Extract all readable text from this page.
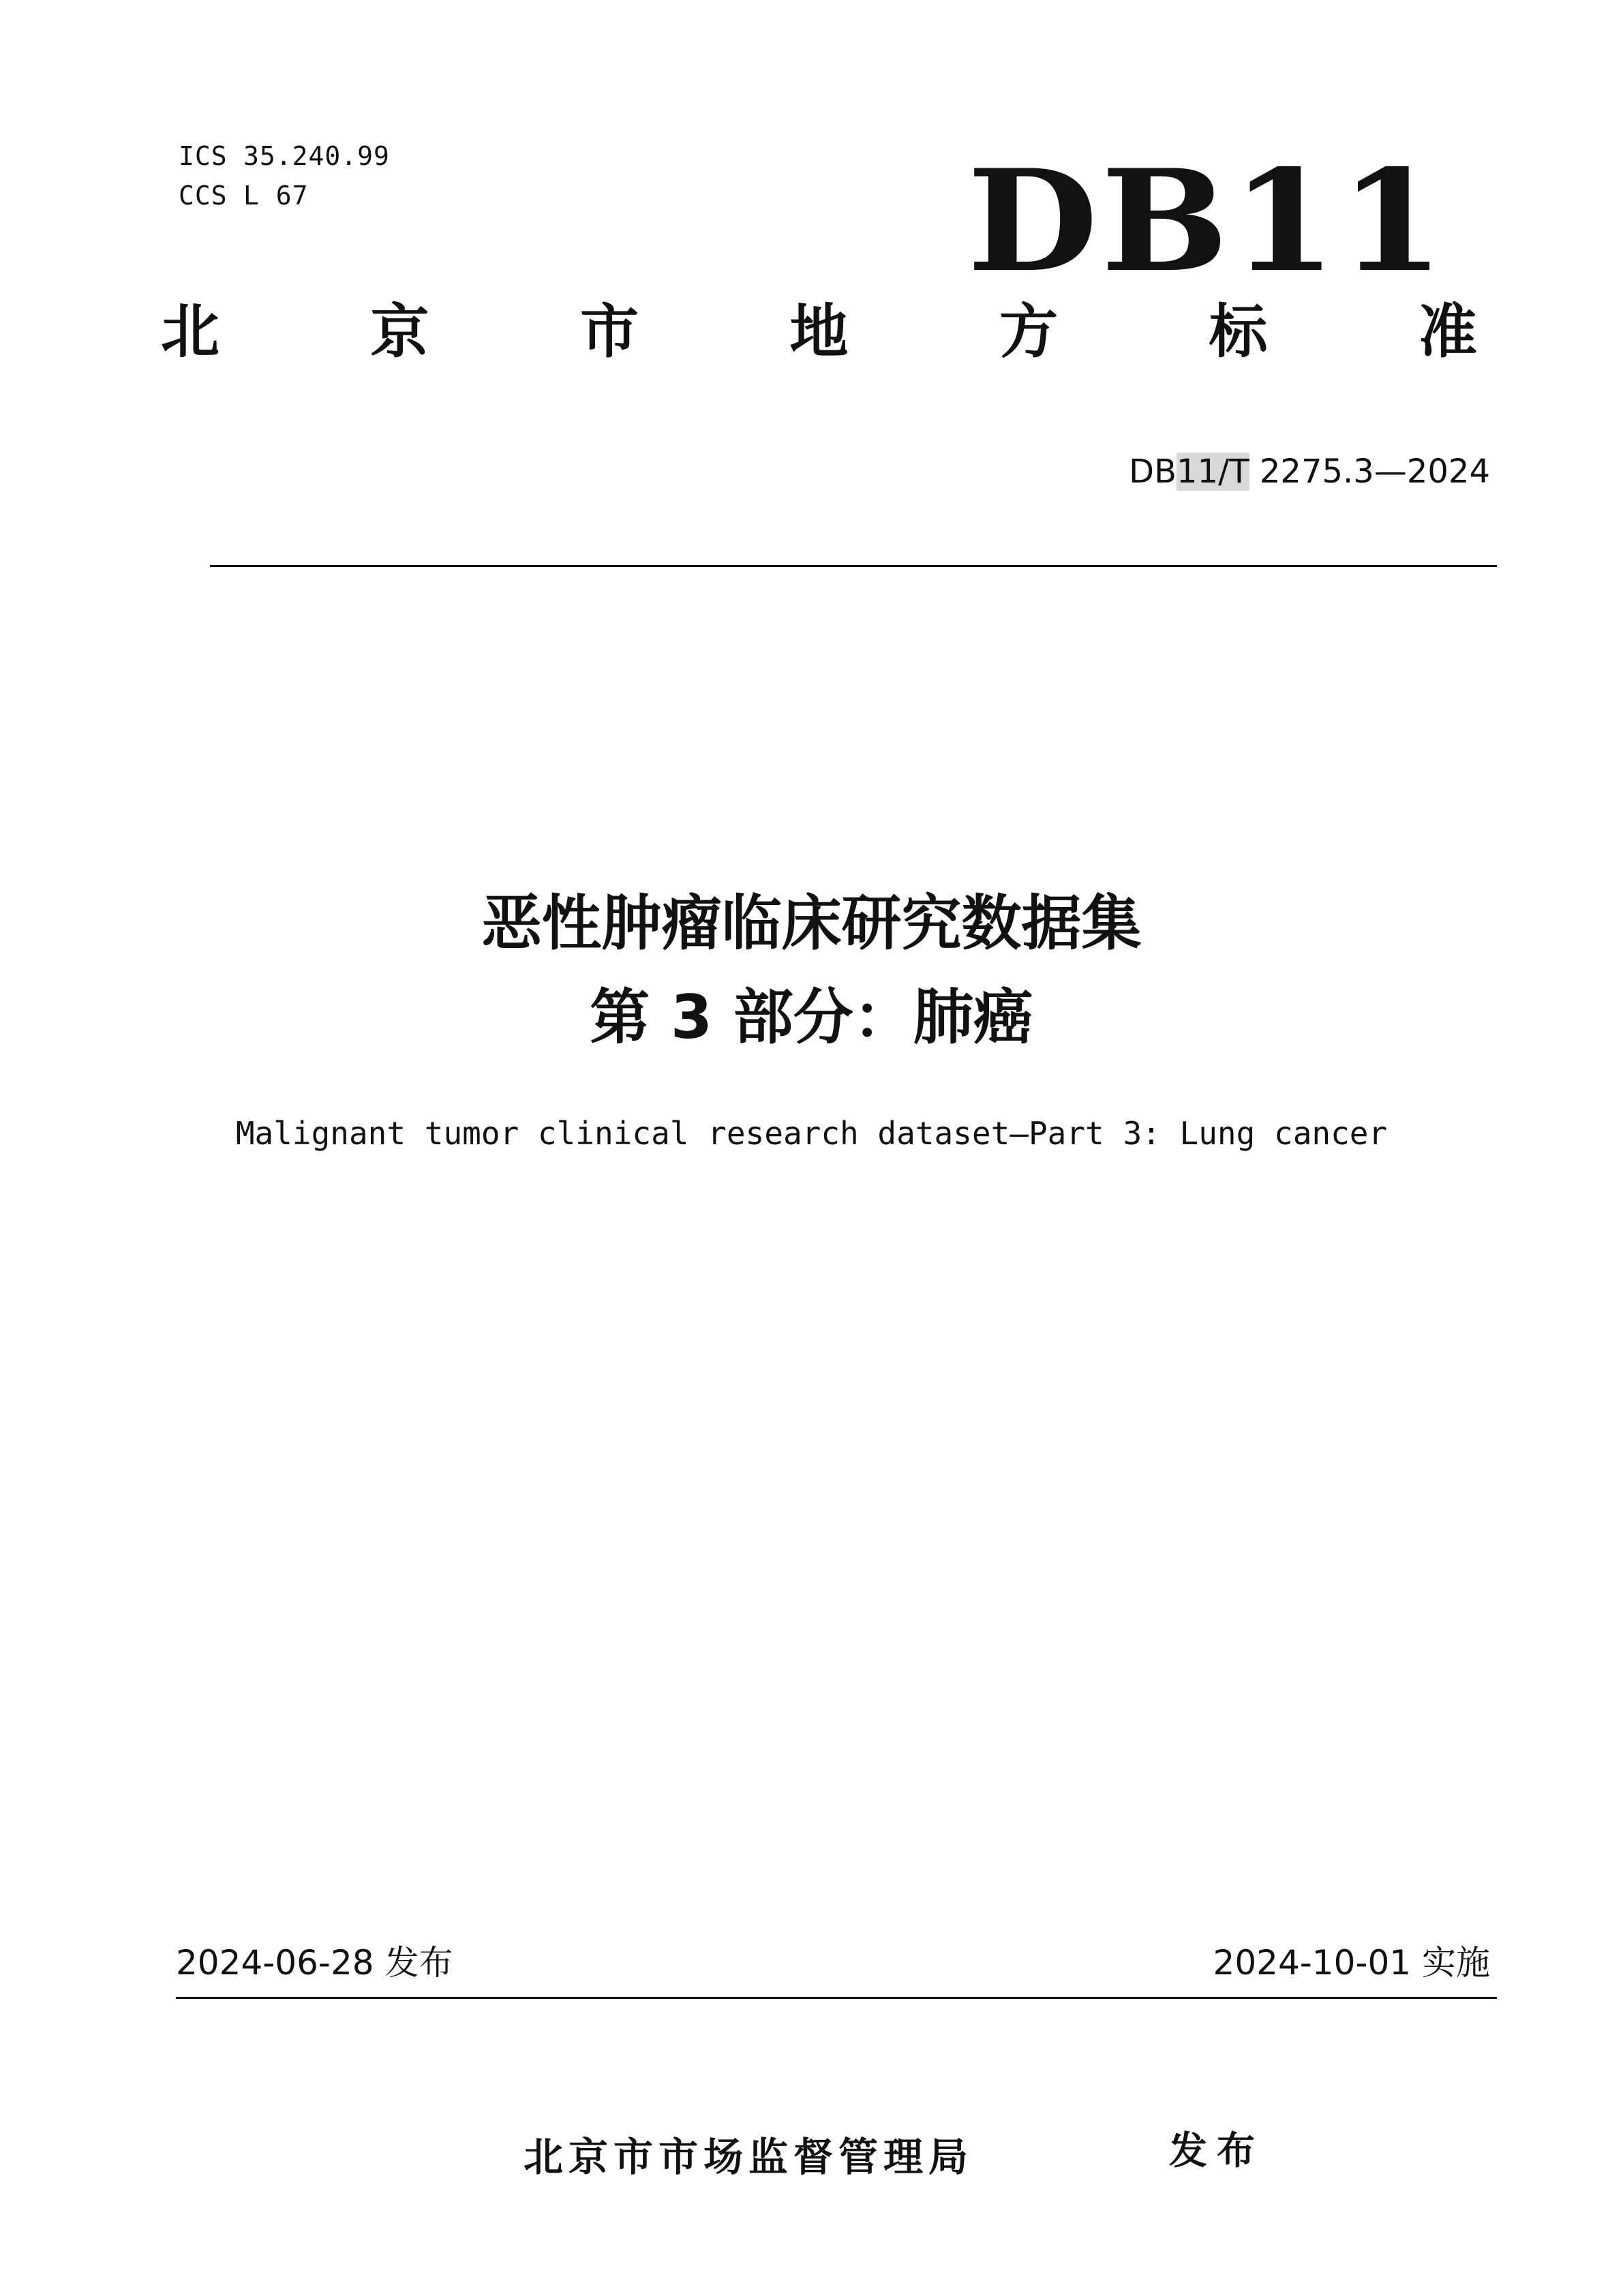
ICS 35.240.99
CCS L 67	DB11
北	京	市	地	方	标	准
DB11/T 2275.3—2024
恶性肿瘤临床研究数据集
第 3 部分：肺癌
Malignant tumor clinical research dataset—Part 3: Lung cancer
2024-06-28 发布	2024-10-01 实施
北京市市场监督管理局	发布
